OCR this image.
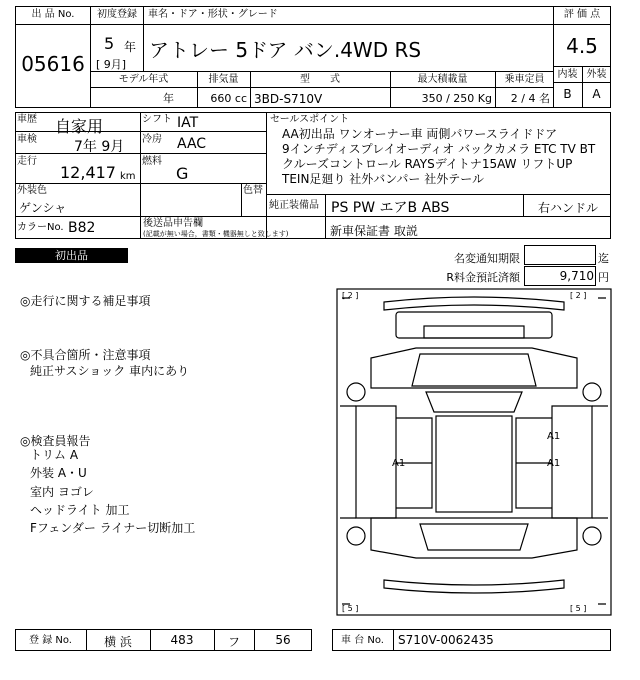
出 品 No.
05616
初度登録
5 年
[ 9月]
車名・ドア・形状・グレード
アトレー 5ドア バン.4WD RS
評 価 点
4.5
内装 外装
B	A
モデル年式	排気量	型　　式	最大積載量	乗車定員
年	660 cc 3BD-S710V	350 / 250 Kg	2 / 4 名
車歴 自家用
車検	7年 9月
走行
12,417 km
シフト IAT
冷房 AAC
燃料
G
外装色
ゲンシャ
色替
カラーNo. B82	後送品申告欄
(記載が無い場合，書類・機器無しと致します)
セールスポイント
AA初出品 ワンオーナー車 両側パワースライドドア
9インチディスプレイオーディオ バックカメラ ETC TV BT
クルーズコントロール RAYSデイトナ15AW リフトUP
TEIN足廻り 社外バンパー 社外テール
純正装備品 PS PW エアB ABS	右ハンドル
新車保証書 取説
初出品	名変通知期限	迄
R料金預託済額	9,710 円
◎走行に関する補足事項
◎不具合箇所・注意事項
純正サスショック 車内にあり
◎検査員報告
トリム A
外装 A・U
室内 ヨゴレ
ヘッドライト 加工
Fフェンダー ライナー切断加工
[ 2 ]	[ 2 ]
[ 5 ]	[ 5 ]
A1
A1	A1
登 録 No.	横 浜	483	フ	56	車 台 No.	S710V-0062435
